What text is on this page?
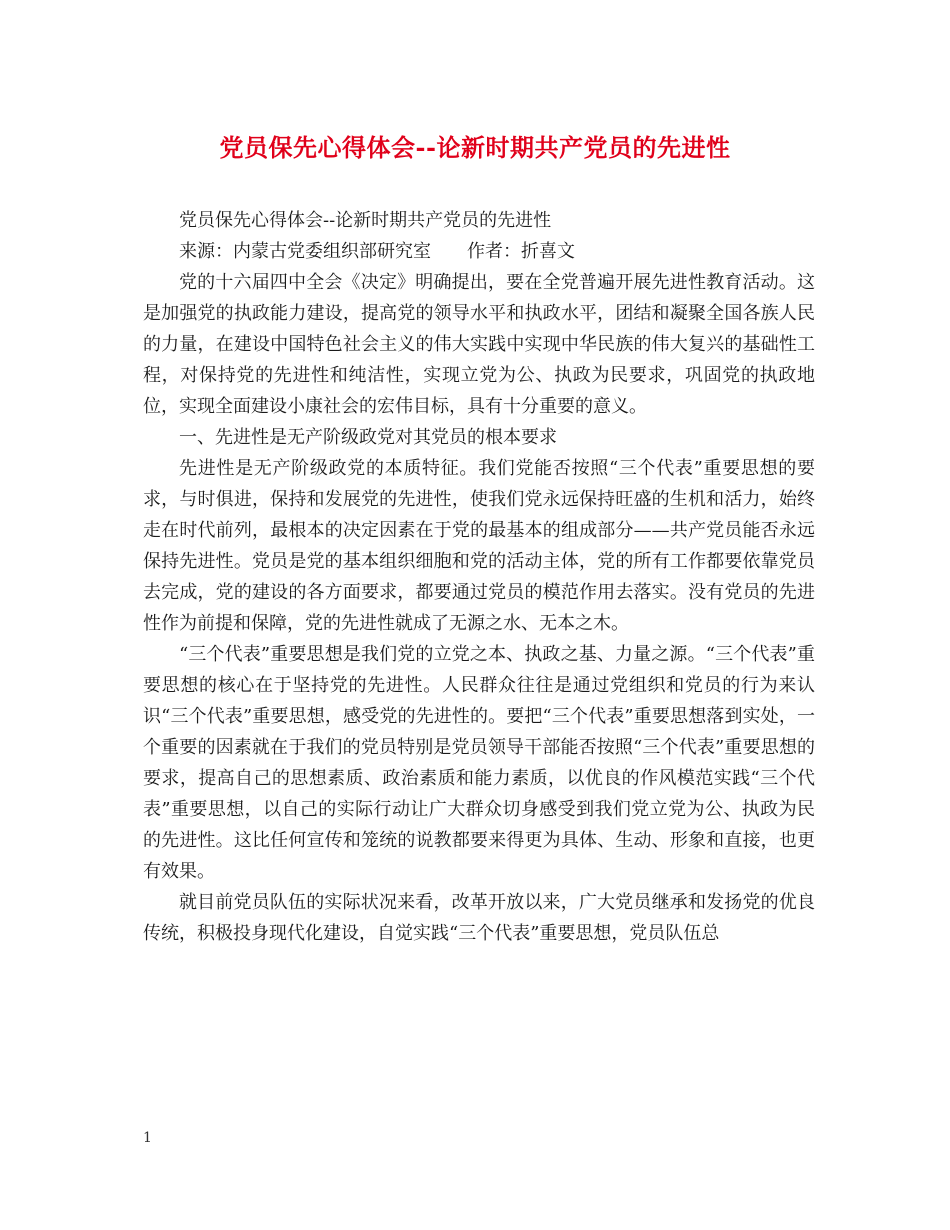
党员保先心得体会--论新时期共产党员的先进性

党员保先心得体会--论新时期共产党员的先进性

来源：内蒙古党委组织部研究室　　作者：折喜文

党的十六届四中全会《决定》明确提出，要在全党普遍开展先进性教育活动。这是加强党的执政能力建设，提高党的领导水平和执政水平，团结和凝聚全国各族人民的力量，在建设中国特色社会主义的伟大实践中实现中华民族的伟大复兴的基础性工程，对保持党的先进性和纯洁性，实现立党为公、执政为民要求，巩固党的执政地位，实现全面建设小康社会的宏伟目标，具有十分重要的意义。

一、先进性是无产阶级政党对其党员的根本要求

先进性是无产阶级政党的本质特征。我们党能否按照“三个代表”重要思想的要求，与时俱进，保持和发展党的先进性，使我们党永远保持旺盛的生机和活力，始终走在时代前列，最根本的决定因素在于党的最基本的组成部分——共产党员能否永远保持先进性。党员是党的基本组织细胞和党的活动主体，党的所有工作都要依靠党员去完成，党的建设的各方面要求，都要通过党员的模范作用去落实。没有党员的先进性作为前提和保障，党的先进性就成了无源之水、无本之木。

“三个代表”重要思想是我们党的立党之本、执政之基、力量之源。“三个代表”重要思想的核心在于坚持党的先进性。人民群众往往是通过党组织和党员的行为来认识“三个代表”重要思想，感受党的先进性的。要把“三个代表”重要思想落到实处，一个重要的因素就在于我们的党员特别是党员领导干部能否按照“三个代表”重要思想的要求，提高自己的思想素质、政治素质和能力素质，以优良的作风模范实践“三个代表”重要思想，以自己的实际行动让广大群众切身感受到我们党立党为公、执政为民的先进性。这比任何宣传和笼统的说教都要来得更为具体、生动、形象和直接，也更有效果。

就目前党员队伍的实际状况来看，改革开放以来，广大党员继承和发扬党的优良传统，积极投身现代化建设，自觉实践“三个代表”重要思想，党员队伍总

1
